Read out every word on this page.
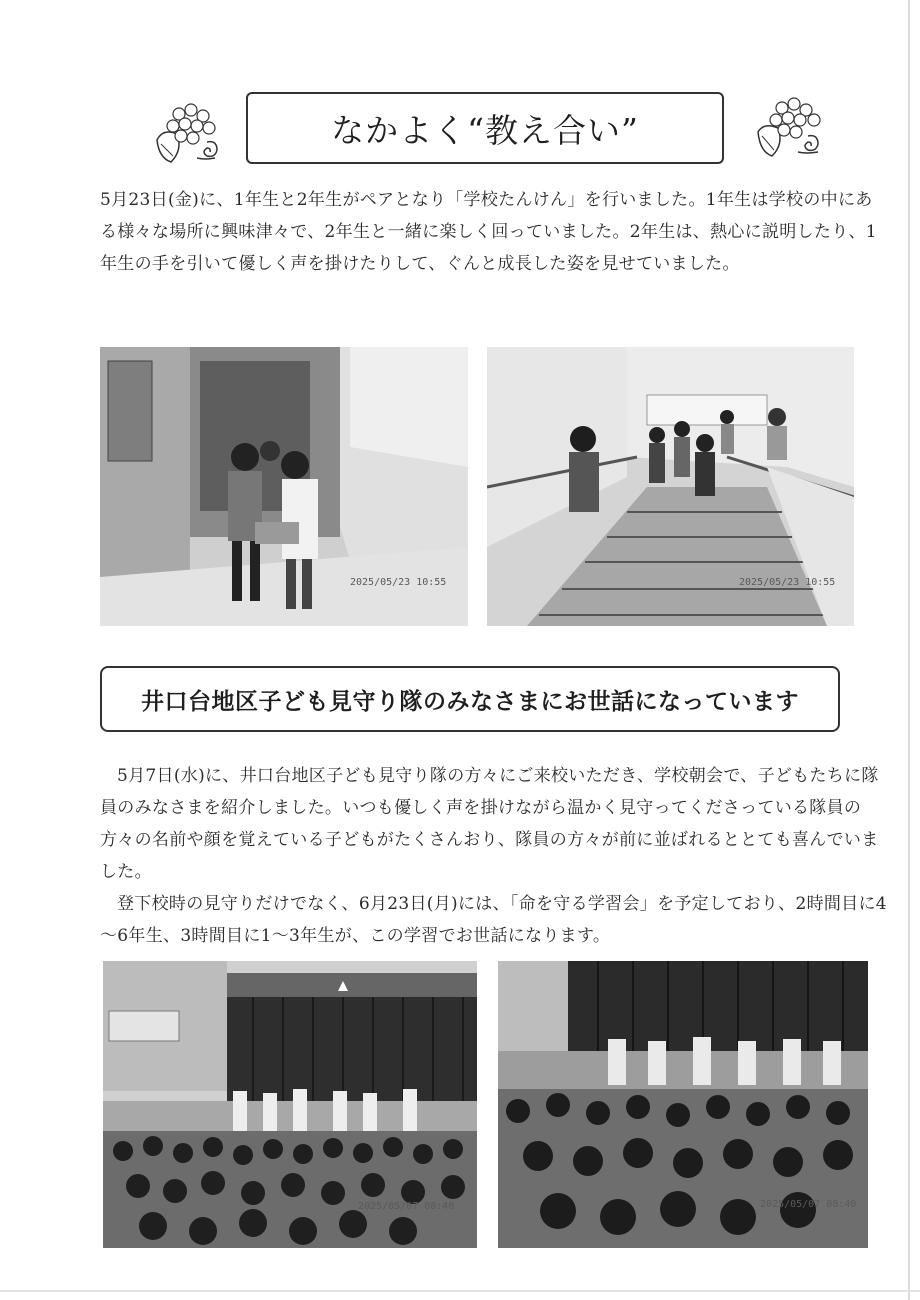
なかよく“教え合い”

5月23日(金)に、1年生と2年生がペアとなり「学校たんけん」を行いました。1年生は学校の中にある様々な場所に興味津々で、2年生と一緒に楽しく回っていました。2年生は、熱心に説明したり、1年生の手を引いて優しく声を掛けたりして、ぐんと成長した姿を見せていました。

2025/05/23 10:55	2025/05/23 10:55
井口台地区子ども見守り隊のみなさまにお世話になっています
5月7日(水)に、井口台地区子ども見守り隊の方々にご来校いただき、学校朝会で、子どもたちに隊員のみなさまを紹介しました。いつも優しく声を掛けながら温かく見守ってくださっている隊員の方々の名前や顔を覚えている子どもがたくさんおり、隊員の方々が前に並ばれるととても喜んでいました。
登下校時の見守りだけでなく、6月23日(月)には、「命を守る学習会」を予定しており、2時間目に4～6年生、3時間目に1～3年生が、この学習でお世話になります。
2025/05/07 08:40	2025/05/07 08:40
